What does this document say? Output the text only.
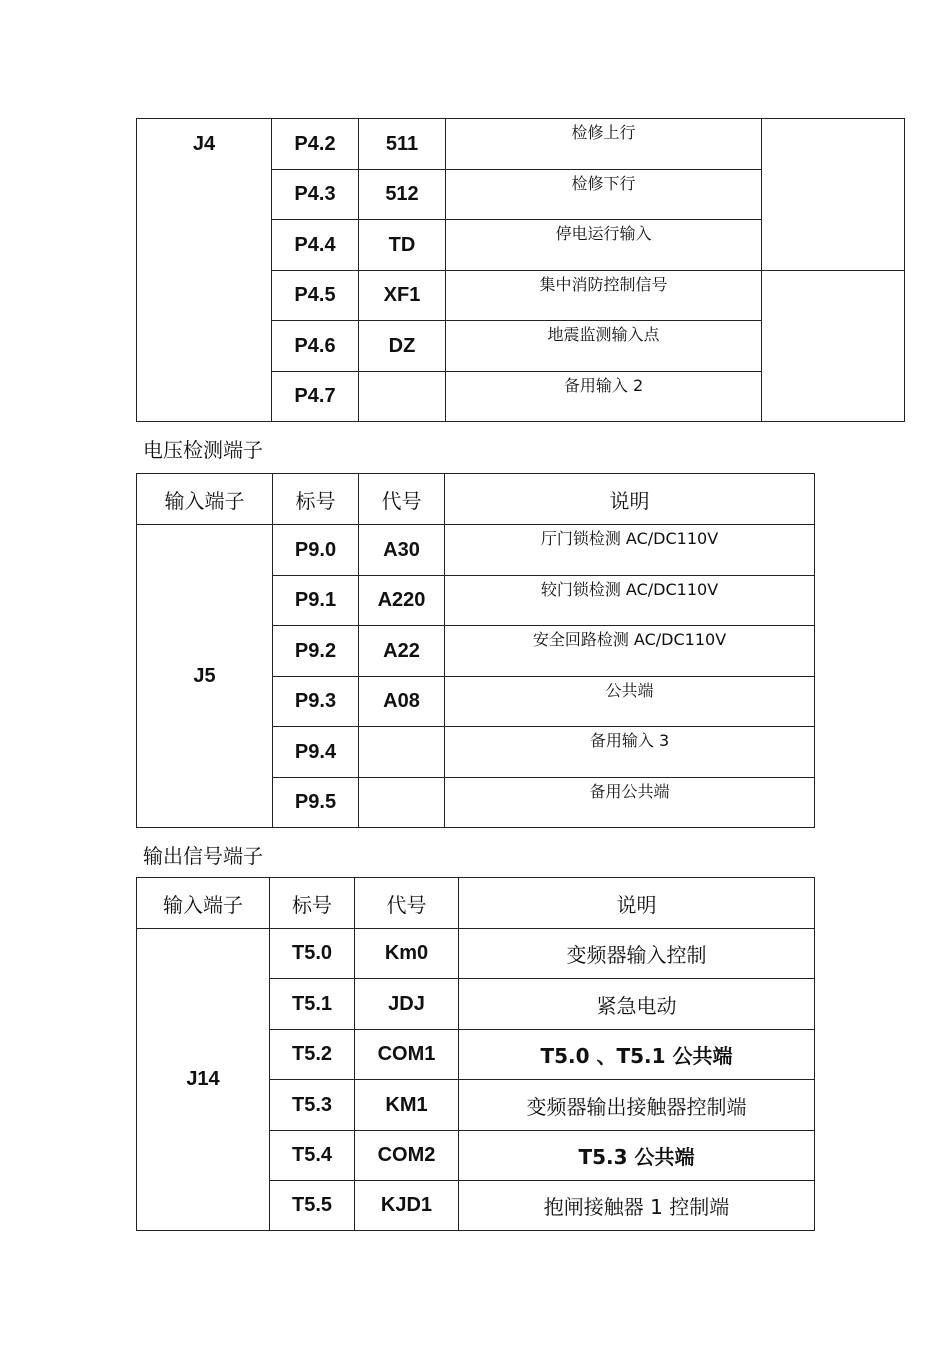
J4	P4.2	511	检修上行	
	P4.3	512	检修下行	
	P4.4	TD	停电运行输入	
	P4.5	XF1	集中消防控制信号	
	P4.6	DZ	地震监测输入点	
	P4.7		备用输入 2	
电压检测端子
输入端子	标号	代号	说明
J5	P9.0	A30	厅门锁检测 AC/DC110V
	P9.1	A220	较门锁检测 AC/DC110V
	P9.2	A22	安全回路检测 AC/DC110V
	P9.3	A08	公共端
	P9.4		备用输入 3
	P9.5		备用公共端
输出信号端子
输入端子	标号	代号	说明
J14	T5.0	Km0	变频器输入控制
	T5.1	JDJ	紧急电动
	T5.2	COM1	T5.0 、T5.1 公共端
	T5.3	KM1	变频器输出接触器控制端
	T5.4	COM2	T5.3 公共端
	T5.5	KJD1	抱闸接触器 1 控制端
